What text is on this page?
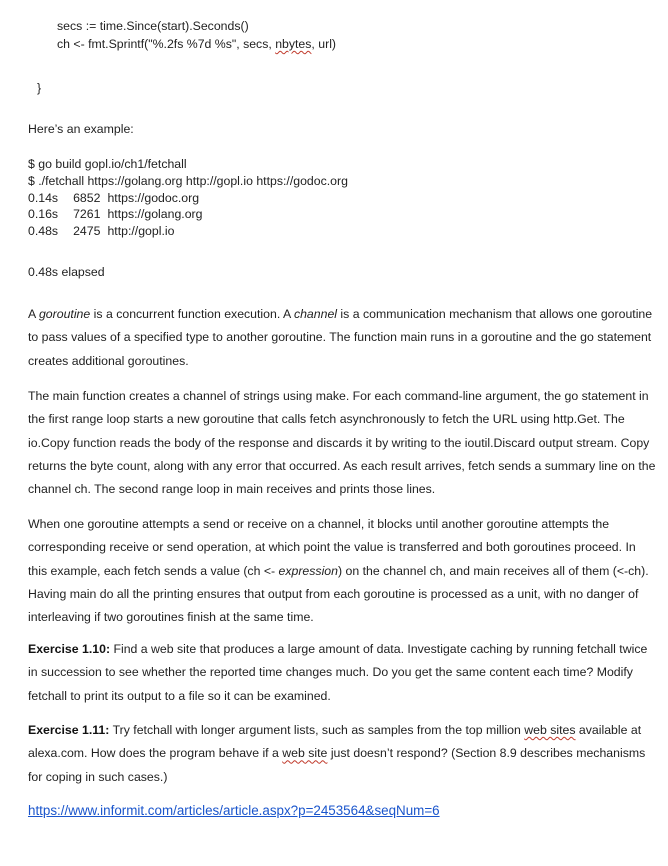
secs := time.Since(start).Seconds()
ch <- fmt.Sprintf("%.2fs %7d %s", secs, nbytes, url)
}
Here’s an example:
$ go build gopl.io/ch1/fetchall
$ ./fetchall https://golang.org http://gopl.io https://godoc.org
0.14s 6852 https://godoc.org
0.16s 7261 https://golang.org
0.48s 2475 http://gopl.io
0.48s elapsed
A goroutine is a concurrent function execution. A channel is a communication mechanism that allows one goroutine to pass values of a specified type to another goroutine. The function main runs in a goroutine and the go statement creates additional goroutines.
The main function creates a channel of strings using make. For each command-line argument, the go statement in the first range loop starts a new goroutine that calls fetch asynchronously to fetch the URL using http.Get. The io.Copy function reads the body of the response and discards it by writing to the ioutil.Discard output stream. Copy returns the byte count, along with any error that occurred. As each result arrives, fetch sends a summary line on the channel ch. The second range loop in main receives and prints those lines.
When one goroutine attempts a send or receive on a channel, it blocks until another goroutine attempts the corresponding receive or send operation, at which point the value is transferred and both goroutines proceed. In this example, each fetch sends a value (ch <- expression) on the channel ch, and main receives all of them (<-ch). Having main do all the printing ensures that output from each goroutine is processed as a unit, with no danger of interleaving if two goroutines finish at the same time.
Exercise 1.10: Find a web site that produces a large amount of data. Investigate caching by running fetchall twice in succession to see whether the reported time changes much. Do you get the same content each time? Modify fetchall to print its output to a file so it can be examined.
Exercise 1.11: Try fetchall with longer argument lists, such as samples from the top million web sites available at alexa.com. How does the program behave if a web site just doesn’t respond? (Section 8.9 describes mechanisms for coping in such cases.)
https://www.informit.com/articles/article.aspx?p=2453564&seqNum=6
